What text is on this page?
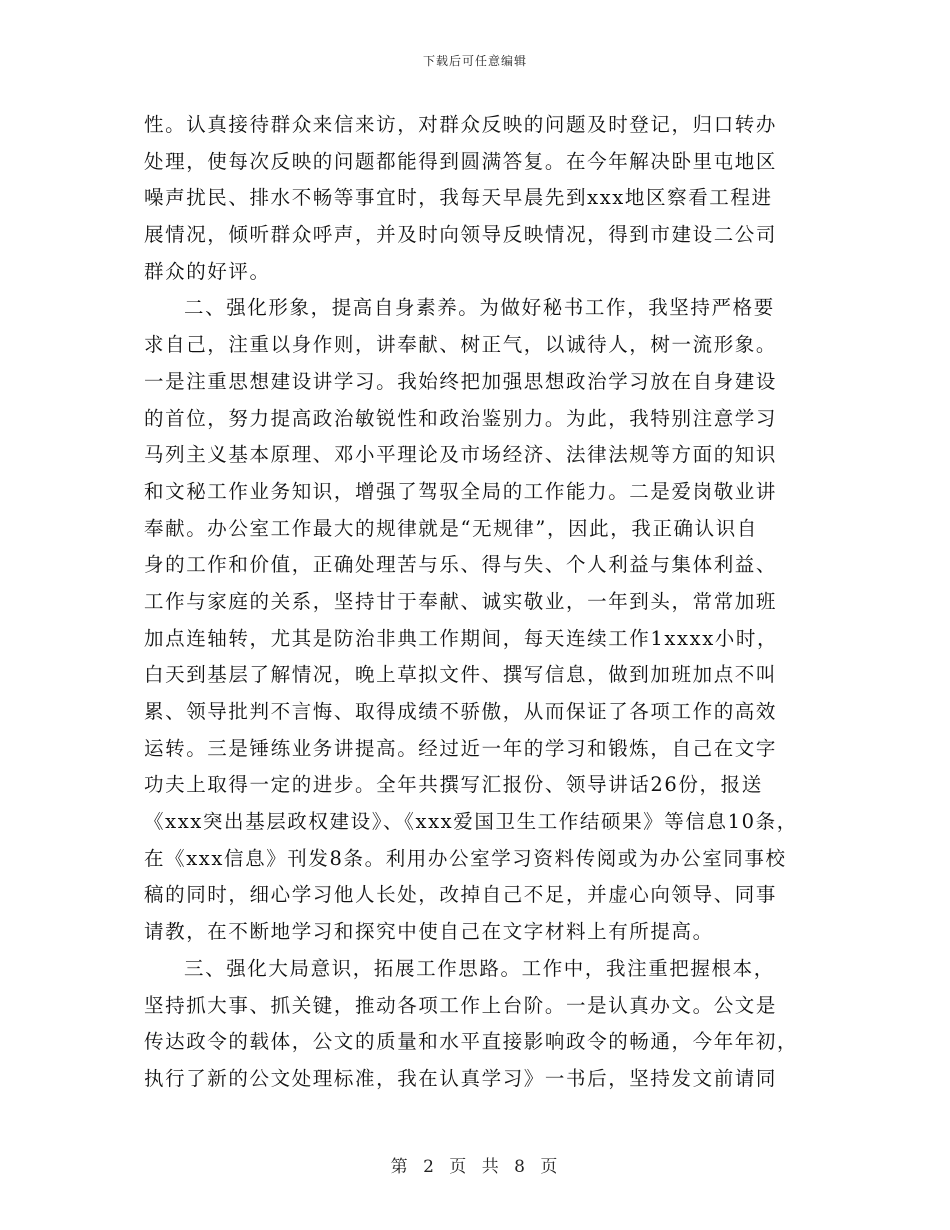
下载后可任意编辑
性。认真接待群众来信来访，对群众反映的问题及时登记，归口转办
处理，使每次反映的问题都能得到圆满答复。在今年解决卧里屯地区
噪声扰民、排水不畅等事宜时，我每天早晨先到xxx地区察看工程进
展情况，倾听群众呼声，并及时向领导反映情况，得到市建设二公司
群众的好评。
二、强化形象，提高自身素养。为做好秘书工作，我坚持严格要
求自己，注重以身作则，讲奉献、树正气，以诚待人，树一流形象。
一是注重思想建设讲学习。我始终把加强思想政治学习放在自身建设
的首位，努力提高政治敏锐性和政治鉴别力。为此，我特别注意学习
马列主义基本原理、邓小平理论及市场经济、法律法规等方面的知识
和文秘工作业务知识，增强了驾驭全局的工作能力。二是爱岗敬业讲
奉献。办公室工作最大的规律就是“无规律”，因此，我正确认识自
身的工作和价值，正确处理苦与乐、得与失、个人利益与集体利益、
工作与家庭的关系，坚持甘于奉献、诚实敬业，一年到头，常常加班
加点连轴转，尤其是防治非典工作期间，每天连续工作1xxxx小时，
白天到基层了解情况，晚上草拟文件、撰写信息，做到加班加点不叫
累、领导批判不言悔、取得成绩不骄傲，从而保证了各项工作的高效
运转。三是锤练业务讲提高。经过近一年的学习和锻炼，自己在文字
功夫上取得一定的进步。全年共撰写汇报份、领导讲话26份，报送
《xxx突出基层政权建设》、《xxx爱国卫生工作结硕果》等信息10条，
在《xxx信息》刊发8条。利用办公室学习资料传阅或为办公室同事校
稿的同时，细心学习他人长处，改掉自己不足，并虚心向领导、同事
请教，在不断地学习和探究中使自己在文字材料上有所提高。
三、强化大局意识，拓展工作思路。工作中，我注重把握根本，
坚持抓大事、抓关键，推动各项工作上台阶。一是认真办文。公文是
传达政令的载体，公文的质量和水平直接影响政令的畅通，今年年初，
执行了新的公文处理标准，我在认真学习》一书后，坚持发文前请同
第 2 页 共 8 页
